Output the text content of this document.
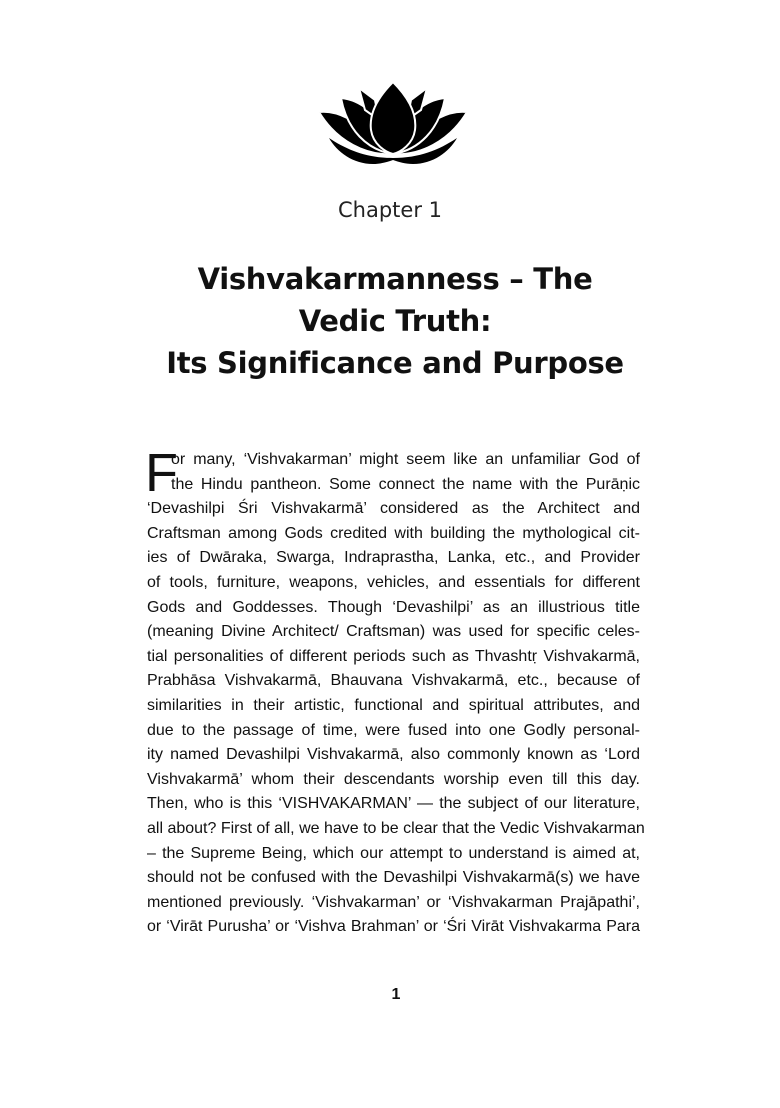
Chapter 1
Vishvakarmanness – The
Vedic Truth:
Its Significance and Purpose
F
or many, ‘Vishvakarman’ might seem like an unfamiliar God of
the Hindu pantheon. Some connect the name with the Purāṇic
‘Devashilpi Śri Vishvakarmā’ considered as the Architect and
Craftsman among Gods credited with building the mythological cit-
ies of Dwāraka, Swarga, Indraprastha, Lanka, etc., and Provider
of tools, furniture, weapons, vehicles, and essentials for different
Gods and Goddesses. Though ‘Devashilpi’ as an illustrious title
(meaning Divine Architect/ Craftsman) was used for specific celes-
tial personalities of different periods such as Thvashtṛ Vishvakarmā,
Prabhāsa Vishvakarmā, Bhauvana Vishvakarmā, etc., because of
similarities in their artistic, functional and spiritual attributes, and
due to the passage of time, were fused into one Godly personal-
ity named Devashilpi Vishvakarmā, also commonly known as ‘Lord
Vishvakarmā’ whom their descendants worship even till this day.
Then, who is this ‘VISHVAKARMAN’ — the subject of our literature,
all about? First of all, we have to be clear that the Vedic Vishvakarman
– the Supreme Being, which our attempt to understand is aimed at,
should not be confused with the Devashilpi Vishvakarmā(s) we have
mentioned previously. ‘Vishvakarman’ or ‘Vishvakarman Prajāpathi’,
or ‘Virāt Purusha’ or ‘Vishva Brahman’ or ‘Śri Virāt Vishvakarma Para
1
